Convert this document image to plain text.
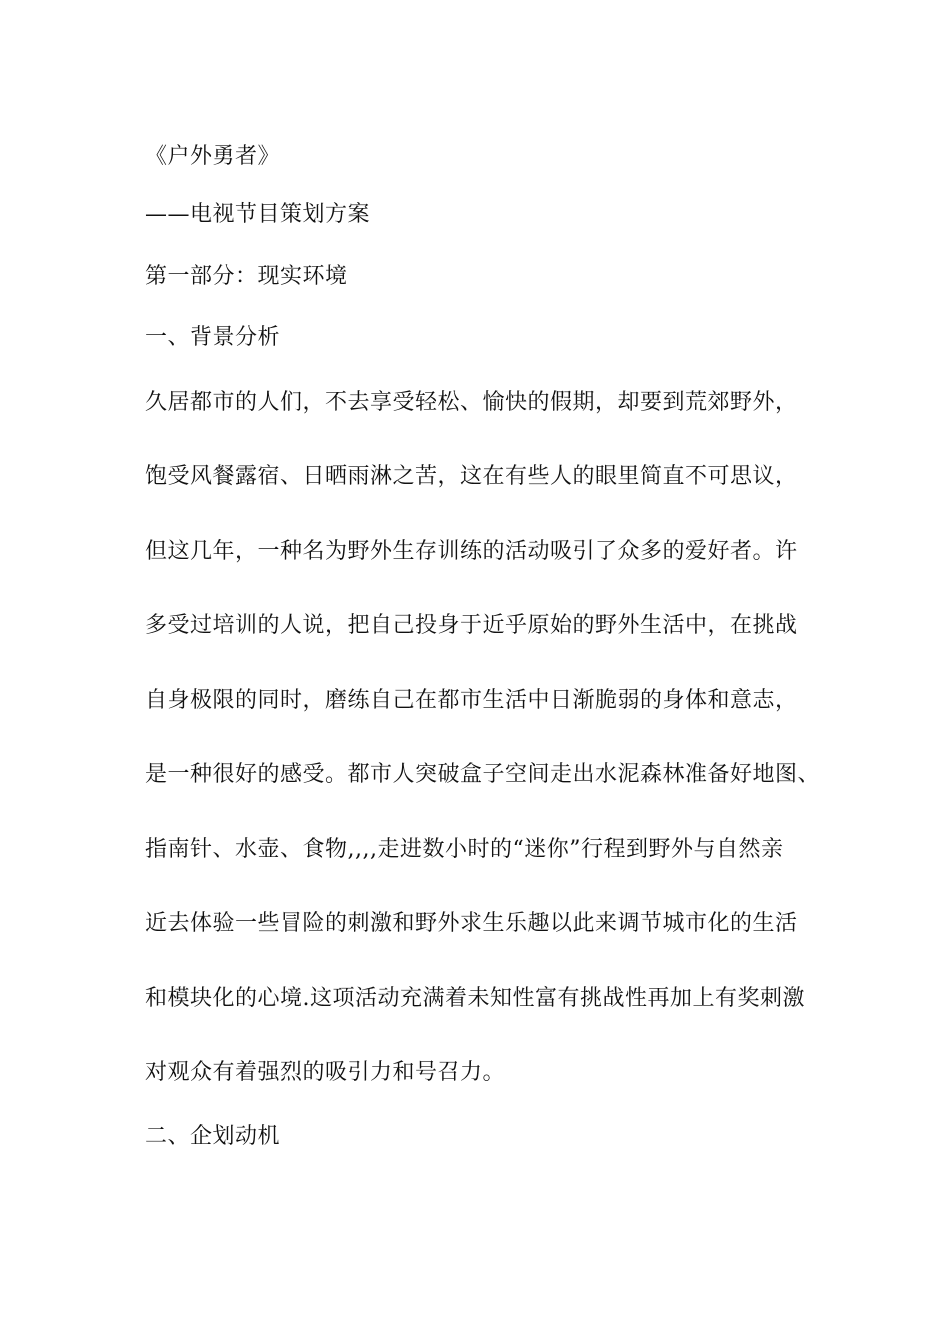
《户外勇者》
——电视节目策划方案
第一部分：现实环境
一、背景分析
久居都市的人们，不去享受轻松、愉快的假期，却要到荒郊野外，
饱受风餐露宿、日晒雨淋之苦，这在有些人的眼里简直不可思议，
但这几年，一种名为野外生存训练的活动吸引了众多的爱好者。许
多受过培训的人说，把自己投身于近乎原始的野外生活中，在挑战
自身极限的同时，磨练自己在都市生活中日渐脆弱的身体和意志，
是一种很好的感受。都市人突破盒子空间走出水泥森林准备好地图、
指南针、水壶、食物,,,,走进数小时的“迷你”行程到野外与自然亲
近去体验一些冒险的刺激和野外求生乐趣以此来调节城市化的生活
和模块化的心境.这项活动充满着未知性富有挑战性再加上有奖刺激
对观众有着强烈的吸引力和号召力。
二、企划动机
